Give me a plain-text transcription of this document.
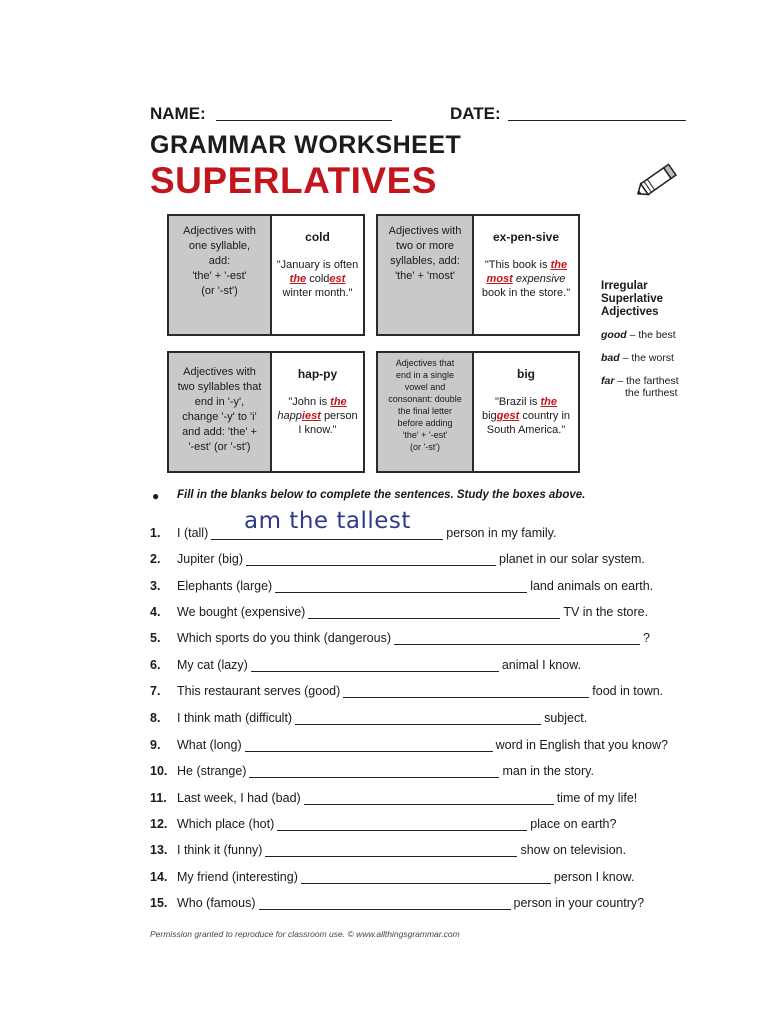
NAME:	DATE:
GRAMMAR WORKSHEET
SUPERLATIVES
Adjectives with
one syllable,
add:
'the' + '-est'
(or '-st')
cold
"January is often
the coldest
winter month."
Adjectives with
two or more
syllables, add:
'the' + 'most'
ex-pen-sive
"This book is the
most expensive
book in the store."
Adjectives with
two syllables that
end in '-y',
change '-y' to 'i'
and add: 'the' +
'-est' (or '-st')
hap-py
"John is the
happiest person I know."
Adjectives that
end in a single
vowel and
consonant: double
the final letter
before adding
'the' + '-est'
(or '-st')
big
"Brazil is the
biggest country in South America."
Irregular
Superlative
Adjectives
good – the best
bad – the worst
far – the farthest
the furthest
● Fill in the blanks below to complete the sentences. Study the boxes above.
1.	I (tall)	person in my family.
am the tallest
2.	Jupiter (big)	planet in our solar system.
3.	Elephants (large)	land animals on earth.
4.	We bought (expensive)	TV in the store.
5.	Which sports do you think (dangerous)	?
6.	My cat (lazy)	animal I know.
7.	This restaurant serves (good)	food in town.
8.	I think math (difficult)	subject.
9.	What (long)	word in English that you know?
10. He (strange)	man in the story.
11. Last week, I had (bad)	time of my life!
12. Which place (hot)	place on earth?
13. I think it (funny)	show on television.
14. My friend (interesting)	person I know.
15. Who (famous)	person in your country?
Permission granted to reproduce for classroom use. © www.allthingsgrammar.com
